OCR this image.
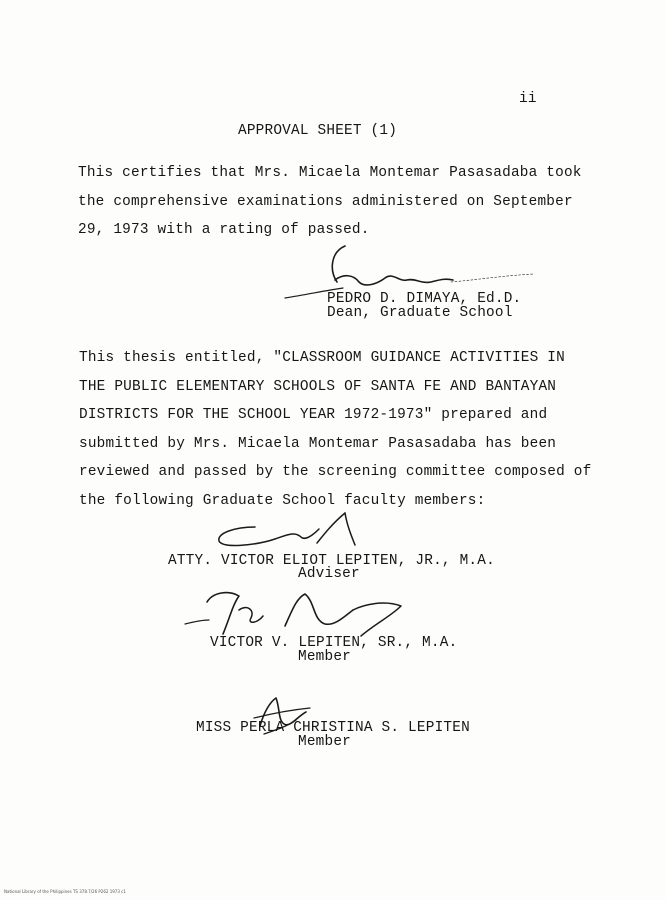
ii
APPROVAL SHEET (1)
This certifies that Mrs. Micaela Montemar Pasasadaba took
the comprehensive examinations administered on September
29, 1973 with a rating of passed.
PEDRO D. DIMAYA, Ed.D.
Dean, Graduate School
This thesis entitled, "CLASSROOM GUIDANCE ACTIVITIES IN
THE PUBLIC ELEMENTARY SCHOOLS OF SANTA FE AND BANTAYAN
DISTRICTS FOR THE SCHOOL YEAR 1972-1973" prepared and
submitted by Mrs. Micaela Montemar Pasasadaba has been
reviewed and passed by the screening committee composed of
the following Graduate School faculty members:
ATTY. VICTOR ELIOT LEPITEN, JR., M.A.
Adviser
VICTOR V. LEPITEN, SR., M.A.
Member
MISS PERLA CHRISTINA S. LEPITEN
Member
National Library of the Philippines TS 378.7/26 P262 1973 c1
